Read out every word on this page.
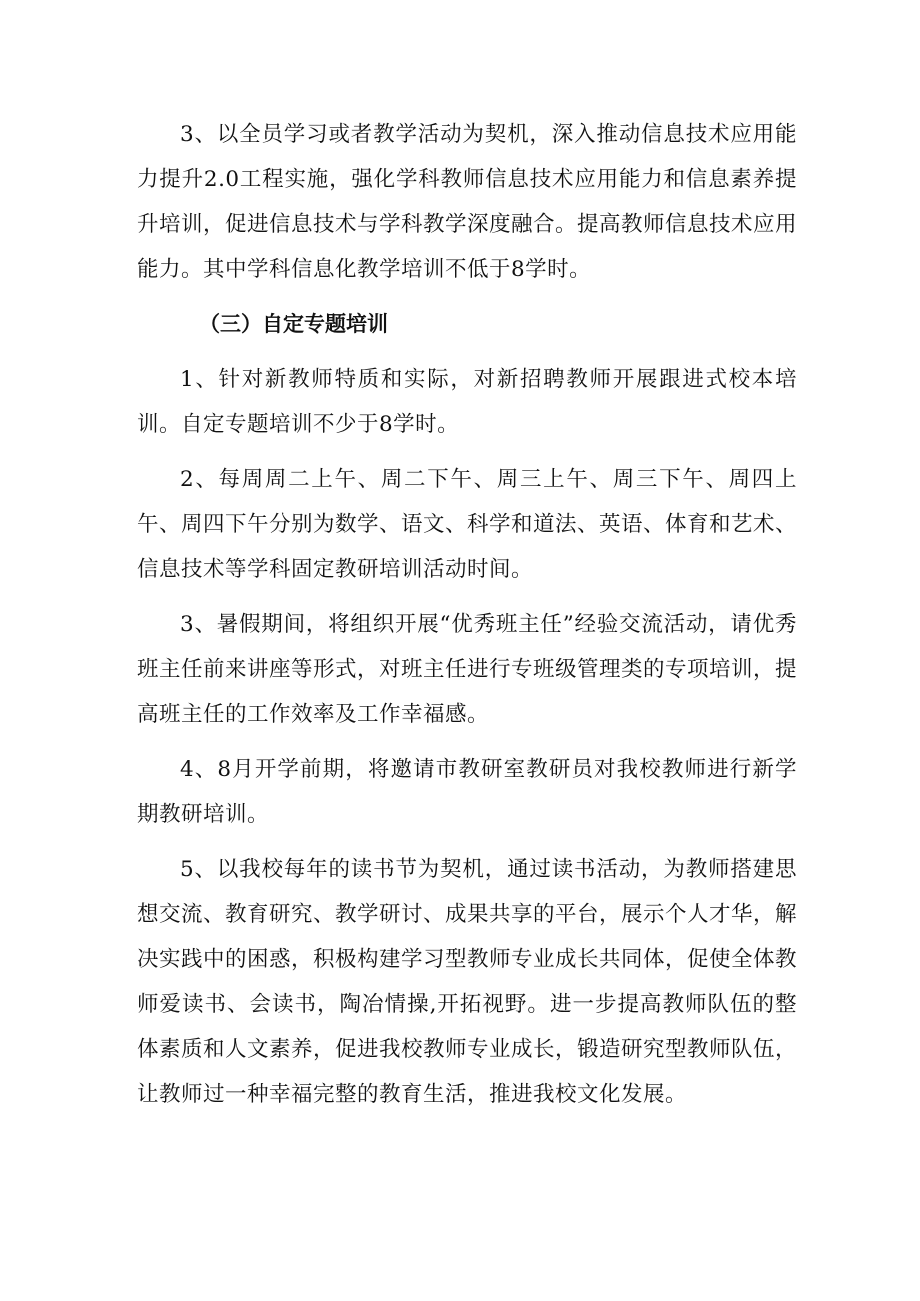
3、以全员学习或者教学活动为契机，深入推动信息技术应用能力提升2.0工程实施，强化学科教师信息技术应用能力和信息素养提升培训，促进信息技术与学科教学深度融合。提高教师信息技术应用能力。其中学科信息化教学培训不低于8学时。

（三）自定专题培训

1、针对新教师特质和实际，对新招聘教师开展跟进式校本培训。自定专题培训不少于8学时。

2、每周周二上午、周二下午、周三上午、周三下午、周四上午、周四下午分别为数学、语文、科学和道法、英语、体育和艺术、信息技术等学科固定教研培训活动时间。

3、暑假期间，将组织开展“优秀班主任”经验交流活动，请优秀班主任前来讲座等形式，对班主任进行专班级管理类的专项培训，提高班主任的工作效率及工作幸福感。

4、8月开学前期，将邀请市教研室教研员对我校教师进行新学期教研培训。

5、以我校每年的读书节为契机，通过读书活动，为教师搭建思想交流、教育研究、教学研讨、成果共享的平台，展示个人才华，解决实践中的困惑，积极构建学习型教师专业成长共同体，促使全体教师爱读书、会读书，陶冶情操,开拓视野。进一步提高教师队伍的整体素质和人文素养，促进我校教师专业成长，锻造研究型教师队伍，让教师过一种幸福完整的教育生活，推进我校文化发展。
